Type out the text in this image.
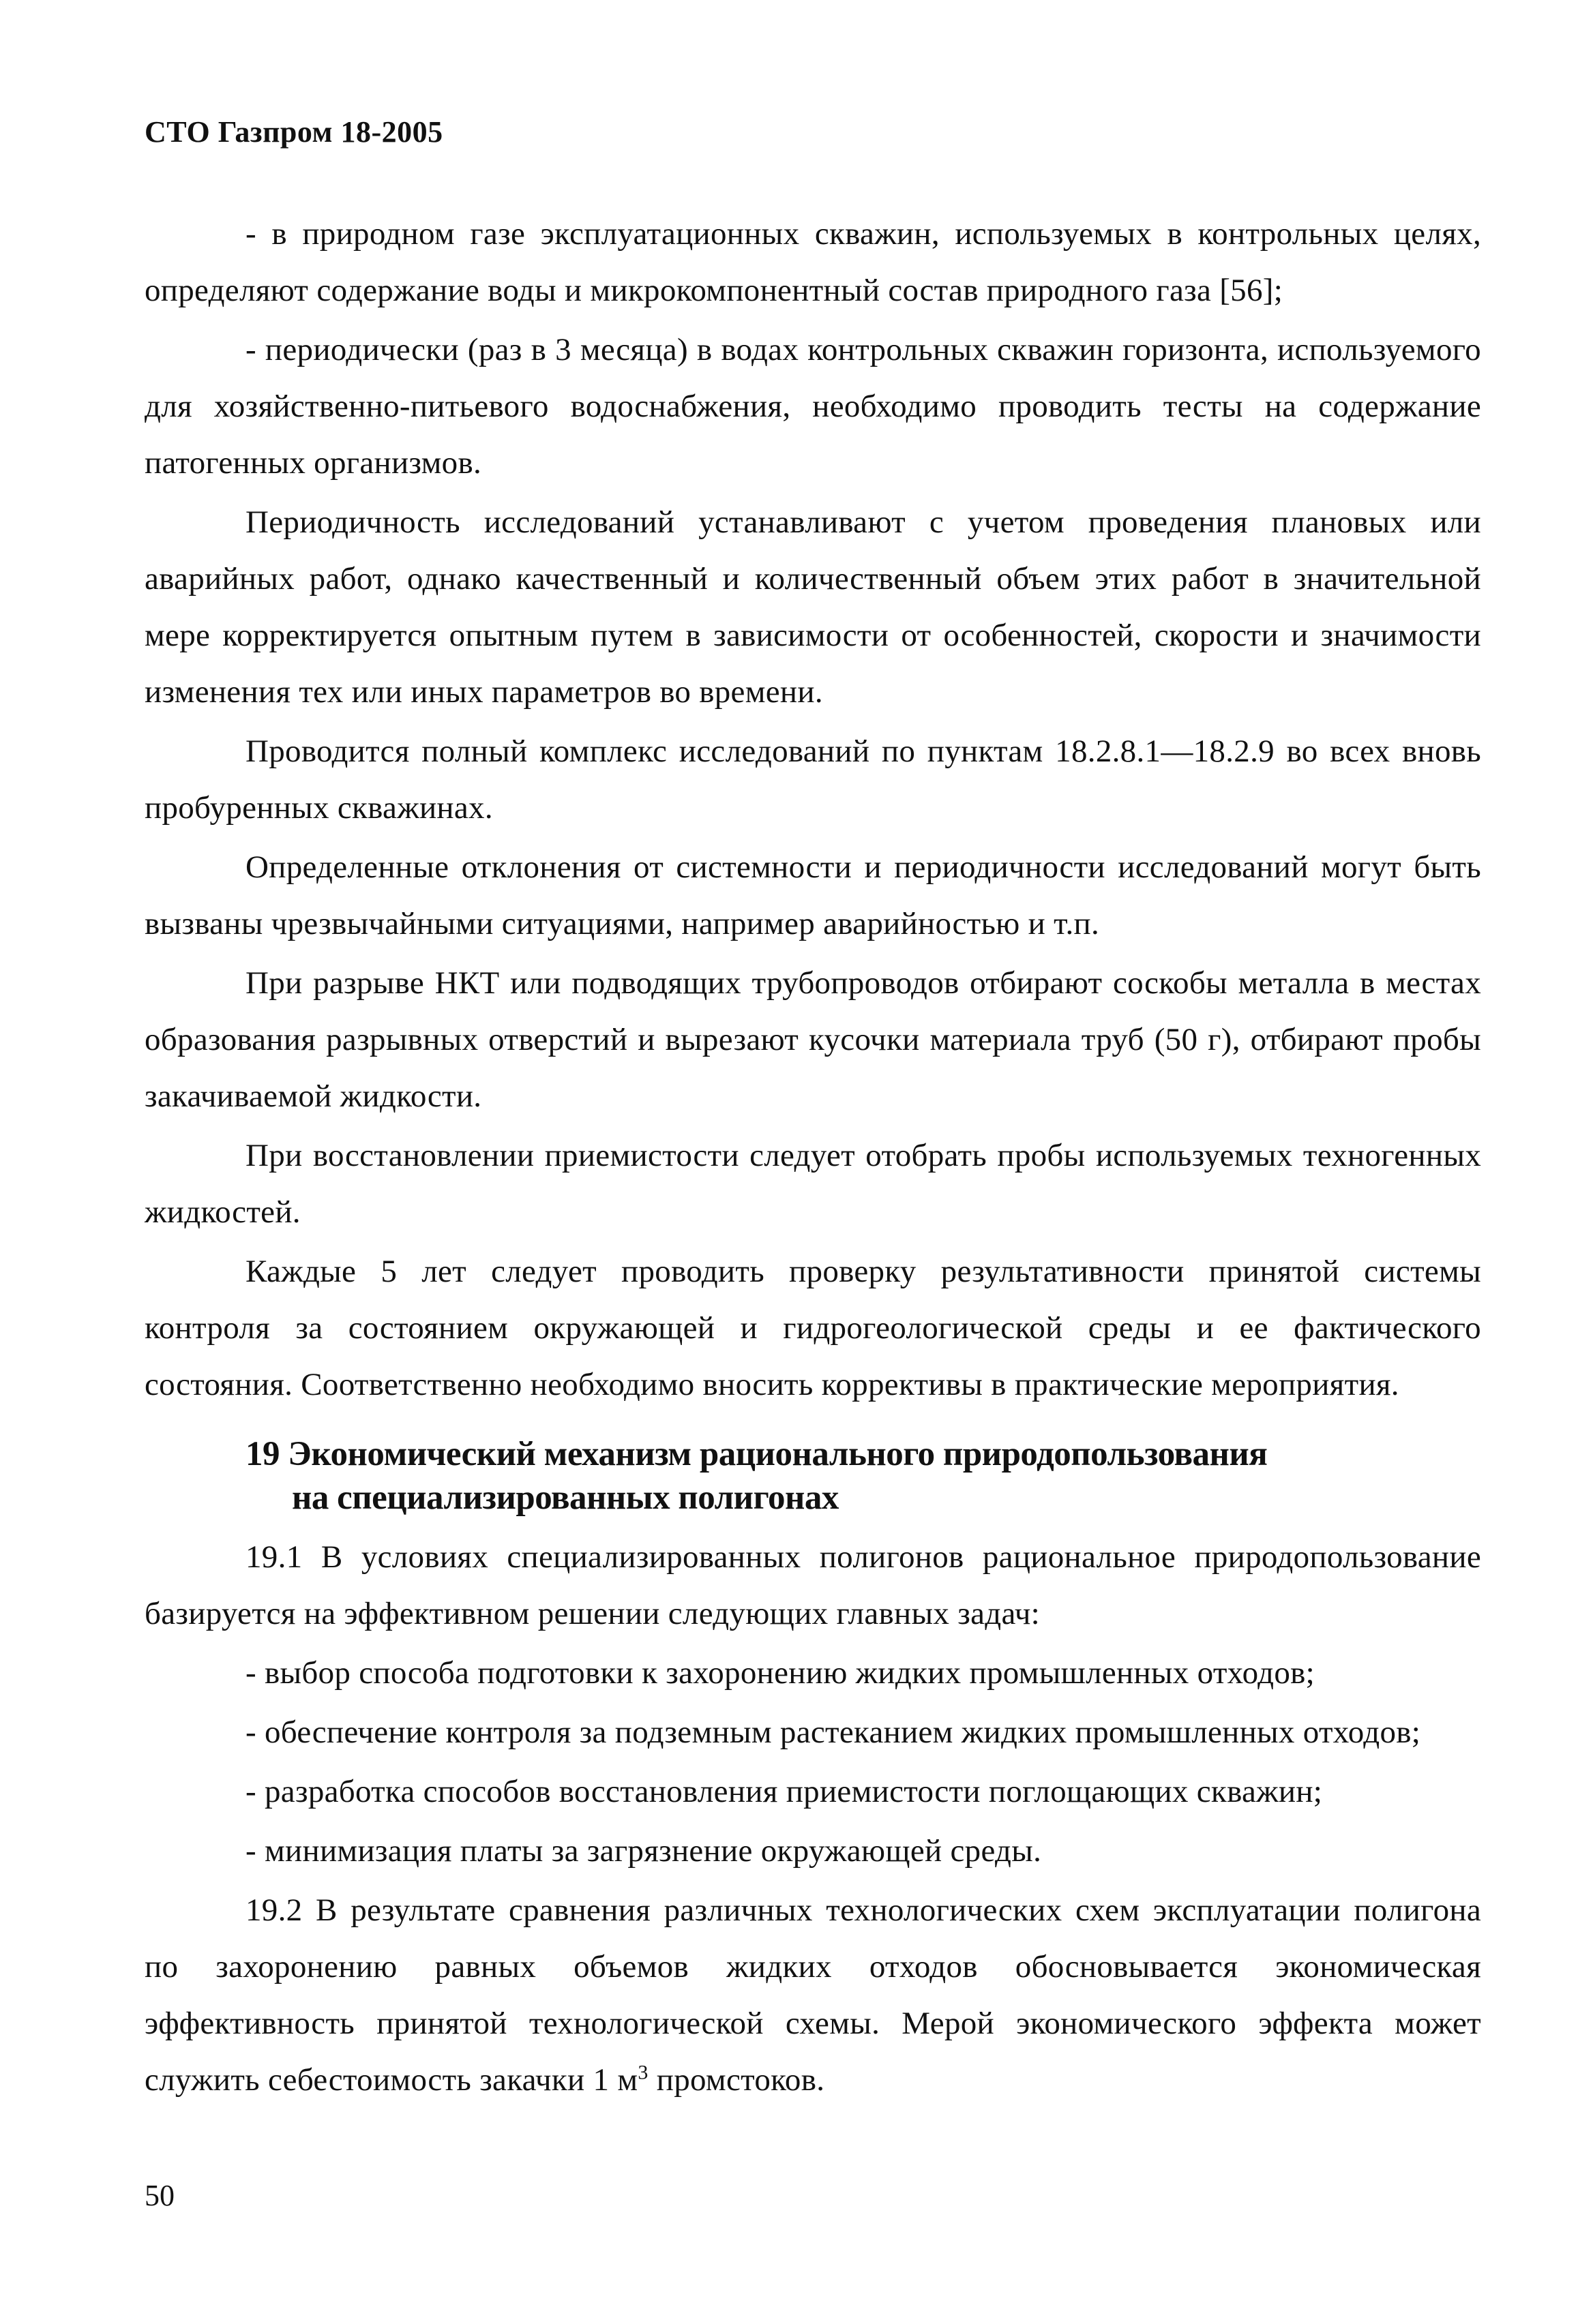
СТО Газпром 18-2005

- в природном газе эксплуатационных скважин, используемых в контрольных целях, определяют содержание воды и микрокомпонентный состав природного газа [56];

- периодически (раз в 3 месяца) в водах контрольных скважин горизонта, используемого для хозяйственно-питьевого водоснабжения, необходимо проводить тесты на содержание патогенных организмов.

Периодичность исследований устанавливают с учетом проведения плановых или аварийных работ, однако качественный и количественный объем этих работ в значительной мере корректируется опытным путем в зависимости от особенностей, скорости и значимости изменения тех или иных параметров во времени.

Проводится полный комплекс исследований по пунктам 18.2.8.1—18.2.9 во всех вновь пробуренных скважинах.

Определенные отклонения от системности и периодичности исследований могут быть вызваны чрезвычайными ситуациями, например аварийностью и т.п.

При разрыве НКТ или подводящих трубопроводов отбирают соскобы металла в местах образования разрывных отверстий и вырезают кусочки материала труб (50 г), отбирают пробы закачиваемой жидкости.

При восстановлении приемистости следует отобрать пробы используемых техногенных жидкостей.

Каждые 5 лет следует проводить проверку результативности принятой системы контроля за состоянием окружающей и гидрогеологической среды и ее фактического состояния. Соответственно необходимо вносить коррективы в практические мероприятия.

19 Экономический механизм рационального природопользования
на специализированных полигонах

19.1 В условиях специализированных полигонов рациональное природопользование базируется на эффективном решении следующих главных задач:

- выбор способа подготовки к захоронению жидких промышленных отходов;

- обеспечение контроля за подземным растеканием жидких промышленных отходов;

- разработка способов восстановления приемистости поглощающих скважин;

- минимизация платы за загрязнение окружающей среды.

19.2 В результате сравнения различных технологических схем эксплуатации полигона по захоронению равных объемов жидких отходов обосновывается экономическая эффективность принятой технологической схемы. Мерой экономического эффекта может служить себестоимость закачки 1 $м^3$ промстоков.

50
